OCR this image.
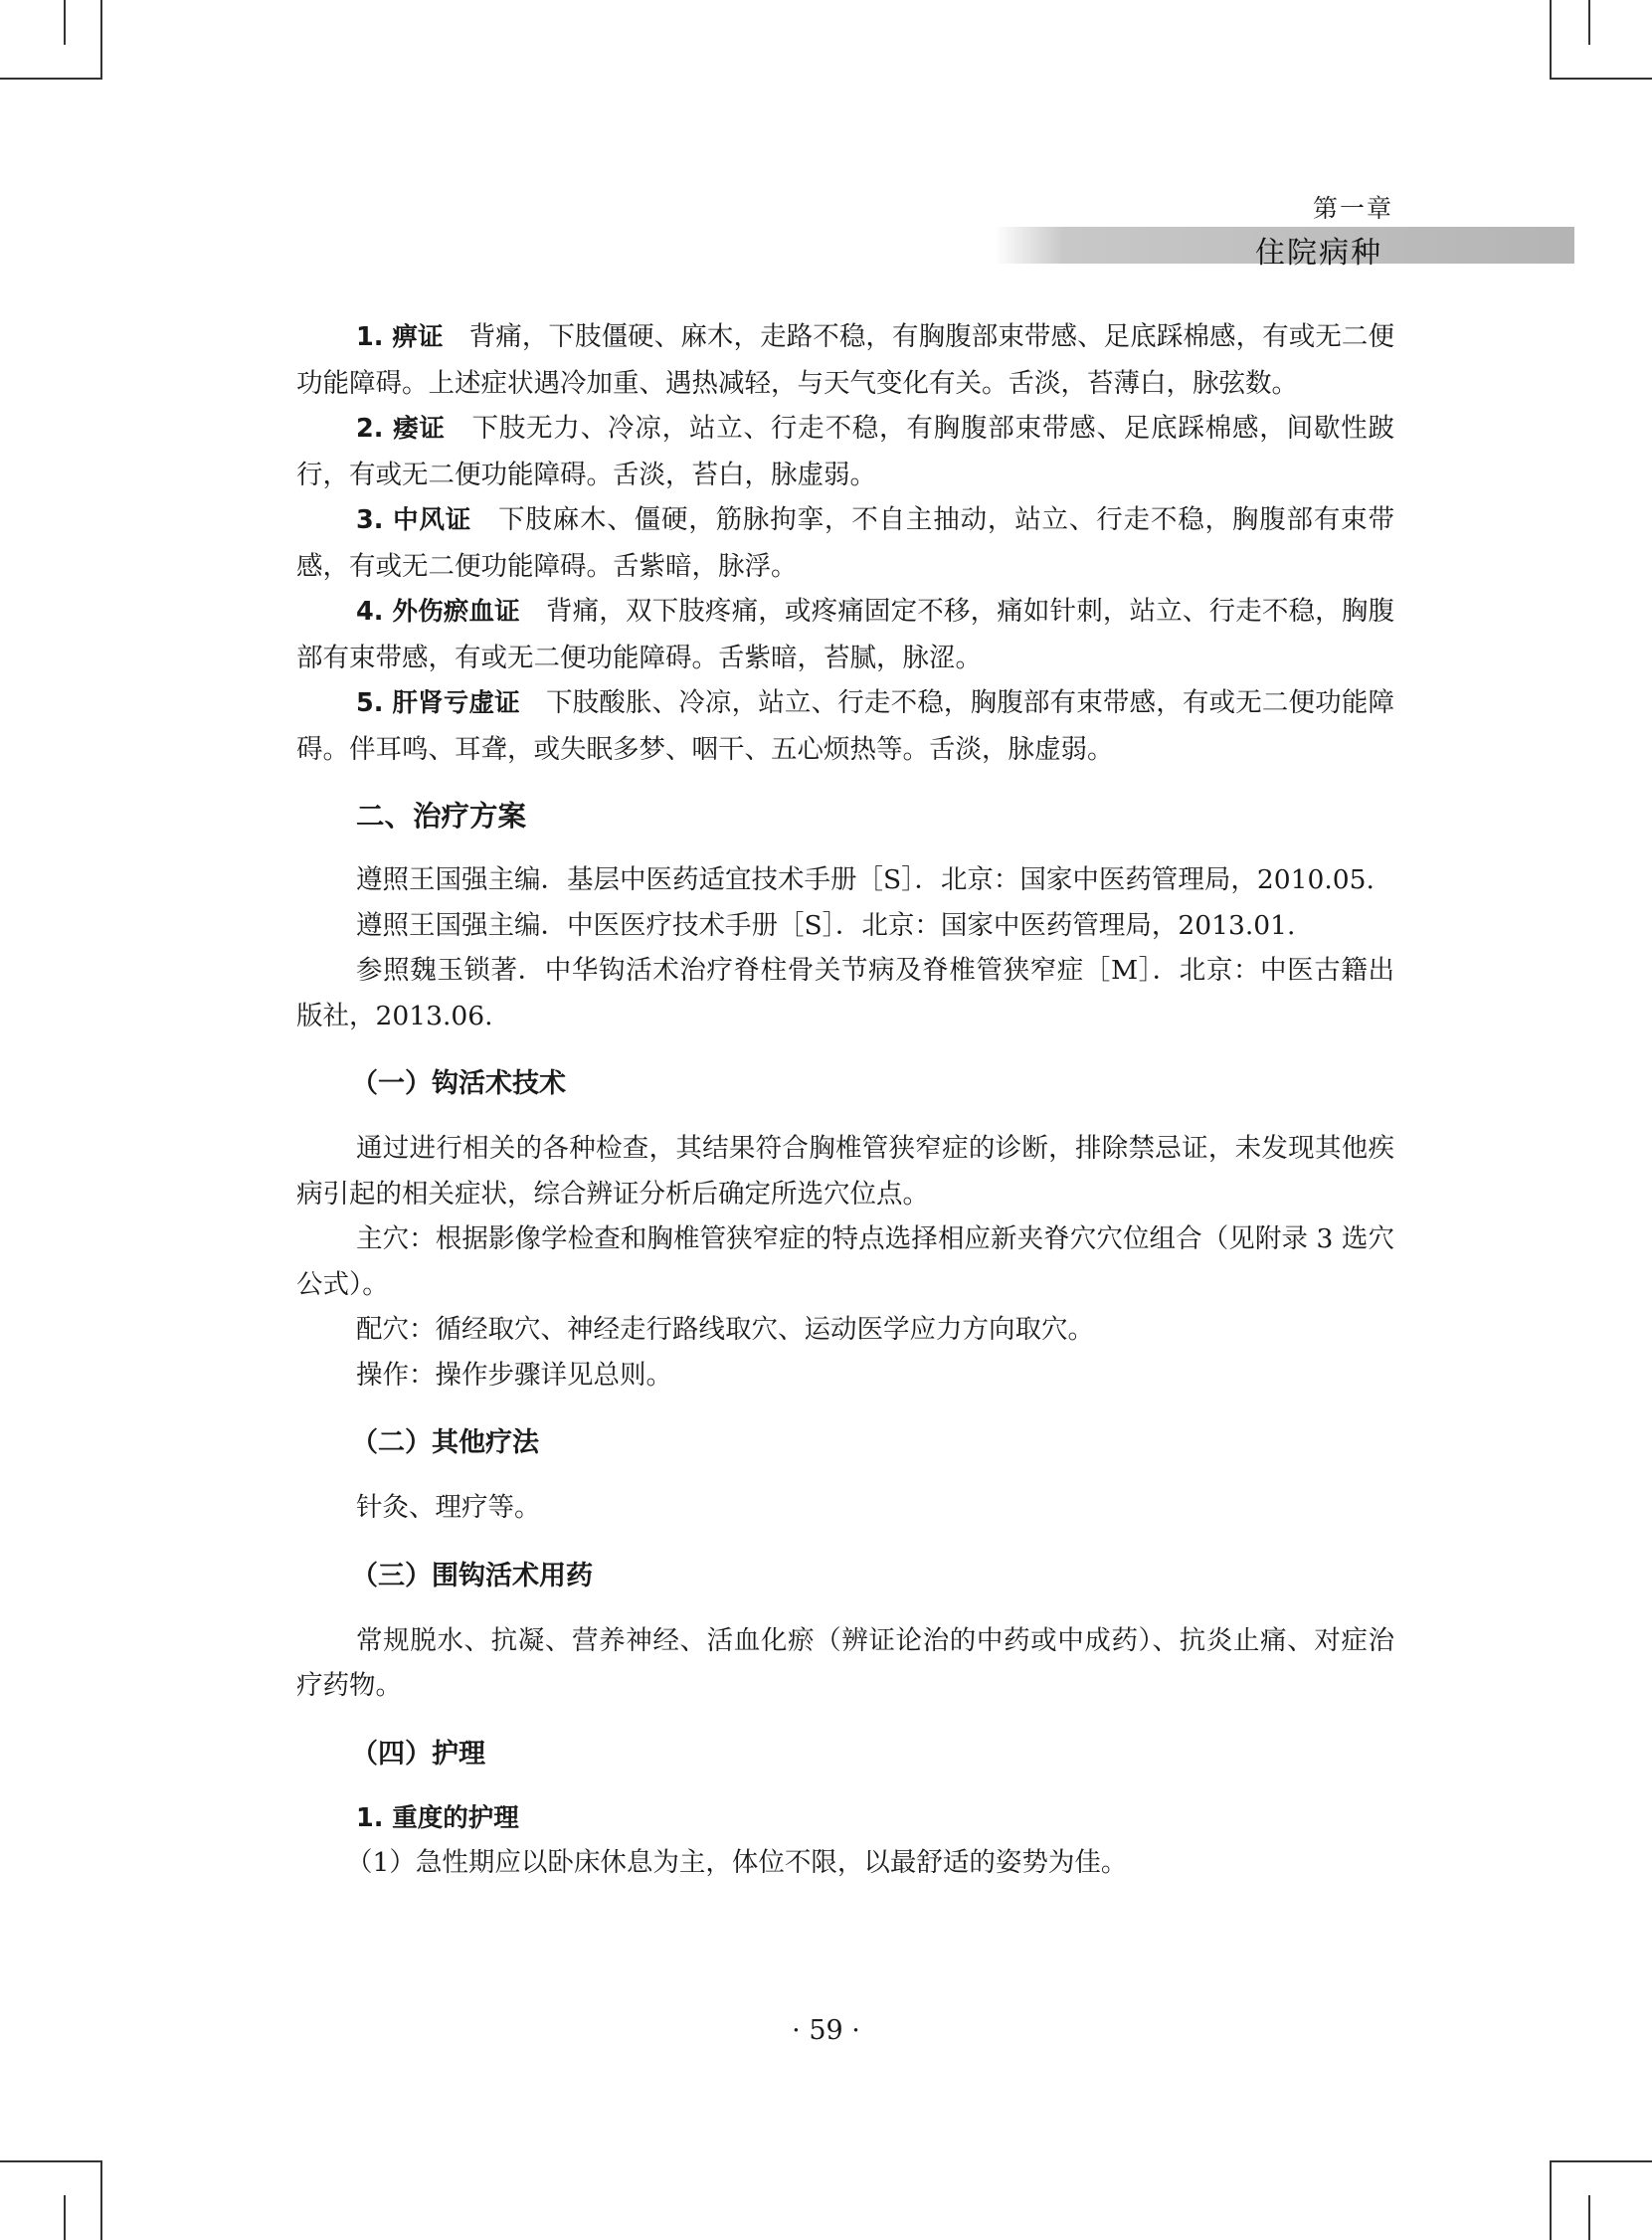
第一章
住院病种

1. 痹证 背痛，下肢僵硬、麻木，走路不稳，有胸腹部束带感、足底踩棉感，有或无二便功能障碍。上述症状遇冷加重、遇热减轻，与天气变化有关。舌淡，苔薄白，脉弦数。

2. 痿证 下肢无力、冷凉，站立、行走不稳，有胸腹部束带感、足底踩棉感，间歇性跛行，有或无二便功能障碍。舌淡，苔白，脉虚弱。

3. 中风证 下肢麻木、僵硬，筋脉拘挛，不自主抽动，站立、行走不稳，胸腹部有束带感，有或无二便功能障碍。舌紫暗，脉浮。

4. 外伤瘀血证 背痛，双下肢疼痛，或疼痛固定不移，痛如针刺，站立、行走不稳，胸腹部有束带感，有或无二便功能障碍。舌紫暗，苔腻，脉涩。

5. 肝肾亏虚证 下肢酸胀、冷凉，站立、行走不稳，胸腹部有束带感，有或无二便功能障碍。伴耳鸣、耳聋，或失眠多梦、咽干、五心烦热等。舌淡，脉虚弱。

二、治疗方案

遵照王国强主编．基层中医药适宜技术手册［S］．北京：国家中医药管理局，2010.05.

遵照王国强主编．中医医疗技术手册［S］．北京：国家中医药管理局，2013.01.

参照魏玉锁著．中华钩活术治疗脊柱骨关节病及脊椎管狭窄症［M］．北京：中医古籍出版社，2013.06.

（一）钩活术技术

通过进行相关的各种检查，其结果符合胸椎管狭窄症的诊断，排除禁忌证，未发现其他疾病引起的相关症状，综合辨证分析后确定所选穴位点。

主穴：根据影像学检查和胸椎管狭窄症的特点选择相应新夹脊穴穴位组合（见附录 3 选穴公式）。

配穴：循经取穴、神经走行路线取穴、运动医学应力方向取穴。

操作：操作步骤详见总则。

（二）其他疗法

针灸、理疗等。

（三）围钩活术用药

常规脱水、抗凝、营养神经、活血化瘀（辨证论治的中药或中成药）、抗炎止痛、对症治疗药物。

（四）护理
1. 重度的护理

（1）急性期应以卧床休息为主，体位不限，以最舒适的姿势为佳。

· 59 ·
